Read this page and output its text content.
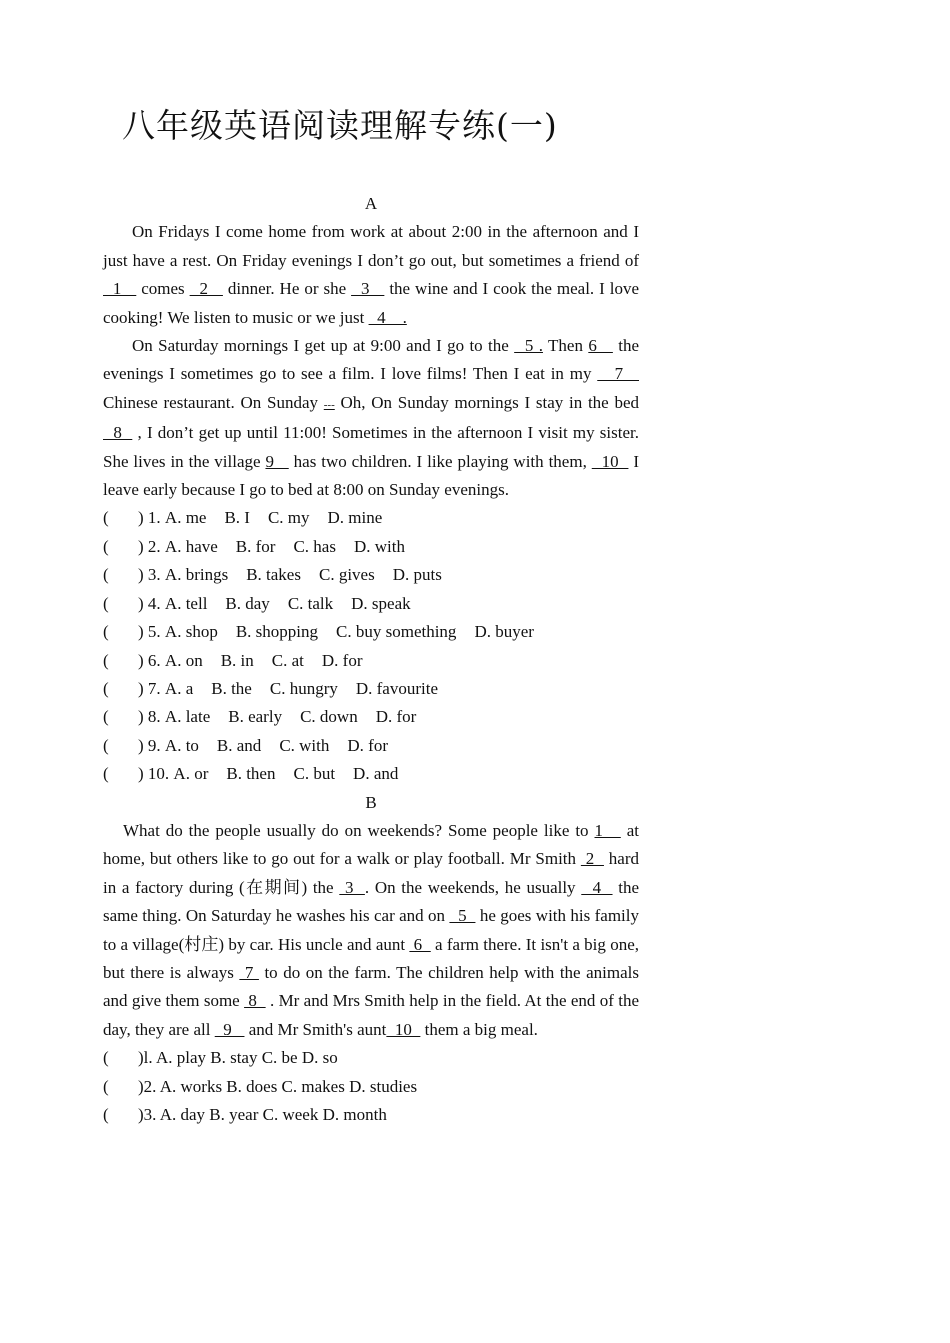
八年级英语阅读理解专练(一)
A
On Fridays I come home from work at about 2:00 in the afternoon and I just have a rest. On Friday evenings I don’t go out, but sometimes a friend of   1    comes   2    dinner. He or she   3    the wine and I cook the meal. I love cooking! We listen to music or we just   4    .
On Saturday mornings I get up at 9:00 and I go to the   5 . Then 6    the evenings I sometimes go to see a film. I love films! Then I eat in my    7    Chinese restaurant. On Sunday --- Oh, On Sunday mornings I stay in the bed   8   , I don’t get up until 11:00! Sometimes in the afternoon I visit my sister. She lives in the village 9    has two children. I like playing with them,   10   I leave early because I go to bed at 8:00 on Sunday evenings.
( ) 1. A. me B. I C. my D. mine
( ) 2. A. have B. for C. has D. with
( ) 3. A. brings B. takes C. gives D. puts
( ) 4. A. tell B. day C. talk D. speak
( ) 5. A. shop B. shopping C. buy something D. buyer
( ) 6. A. on B. in C. at D. for
( ) 7. A. a B. the C. hungry D. favourite
( ) 8. A. late B. early C. down D. for
( ) 9. A. to B. and C. with D. for
( ) 10. A. or B. then C. but D. and
B
What do the people usually do on weekends? Some people like to 1    at home, but others like to go out for a walk or play football. Mr Smith  2   hard in a factory during (在期间) the  3  . On the weekends, he usually   4   the same thing. On Saturday he washes his car and on   5   he goes with his family to a village(村庄) by car. His uncle and aunt  6   a farm there. It isn't a big one, but there is always  7  to do on the farm. The children help with the animals and give them some  8   . Mr and Mrs Smith help in the field. At the end of the day, they are all   9    and Mr Smith's aunt  10   them a big meal.
( )l. A. play B. stay C. be D. so
( )2. A. works B. does C. makes D. studies
( )3. A. day B. year C. week D. month
